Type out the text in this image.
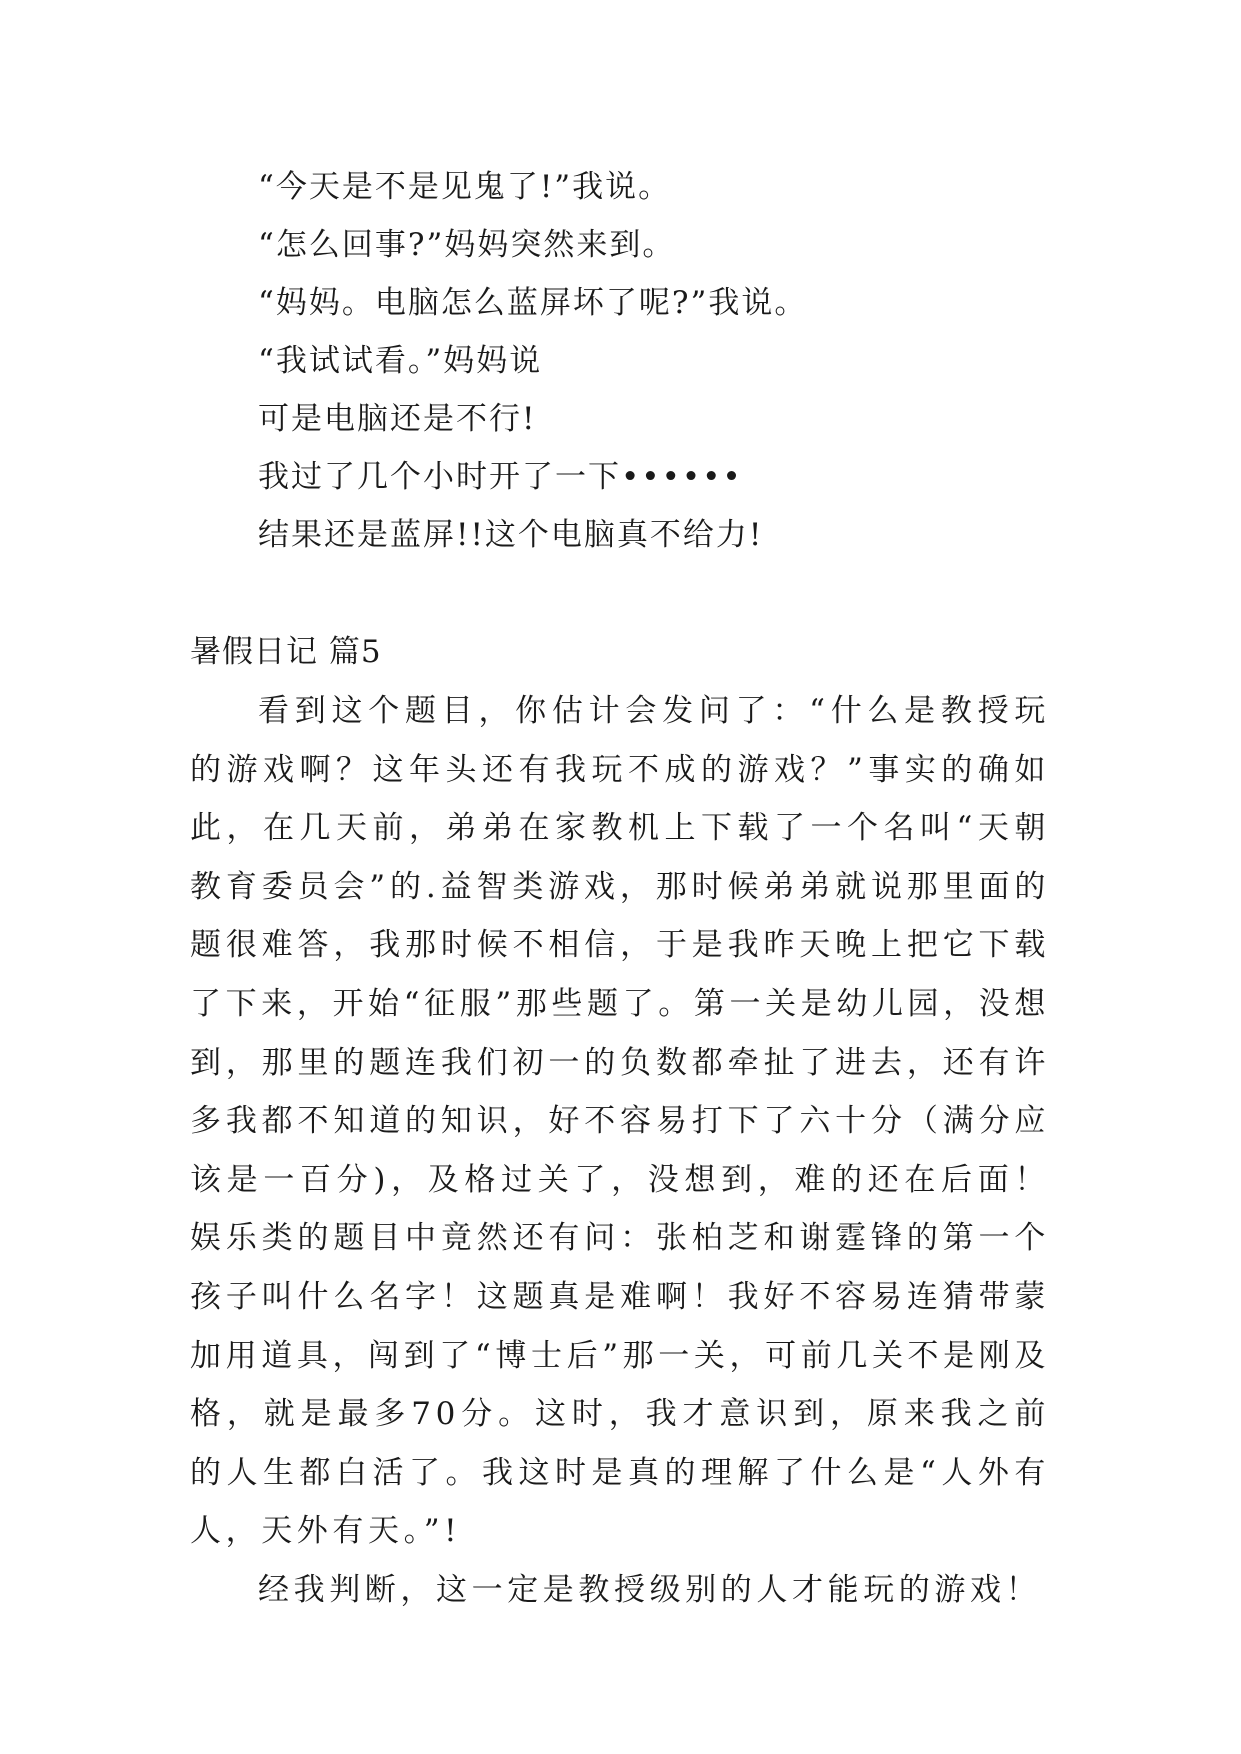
“今天是不是见鬼了!”我说。

“怎么回事?”妈妈突然来到。

“妈妈。电脑怎么蓝屏坏了呢?”我说。

“我试试看。”妈妈说

可是电脑还是不行!

我过了几个小时开了一下••••••

结果还是蓝屏!!这个电脑真不给力!

暑假日记 篇5

看到这个题目，你估计会发问了：“什么是教授玩的游戏啊？这年头还有我玩不成的游戏？”事实的确如此，在几天前，弟弟在家教机上下载了一个名叫“天朝教育委员会”的.益智类游戏，那时候弟弟就说那里面的题很难答，我那时候不相信，于是我昨天晚上把它下载了下来，开始“征服”那些题了。第一关是幼儿园，没想到，那里的题连我们初一的负数都牵扯了进去，还有许多我都不知道的知识，好不容易打下了六十分（满分应该是一百分)，及格过关了，没想到，难的还在后面！娱乐类的题目中竟然还有问：张柏芝和谢霆锋的第一个孩子叫什么名字！这题真是难啊！我好不容易连猜带蒙加用道具，闯到了“博士后”那一关，可前几关不是刚及格，就是最多70分。这时，我才意识到，原来我之前的人生都白活了。我这时是真的理解了什么是“人外有人，天外有天。”!

经我判断，这一定是教授级别的人才能玩的游戏！
